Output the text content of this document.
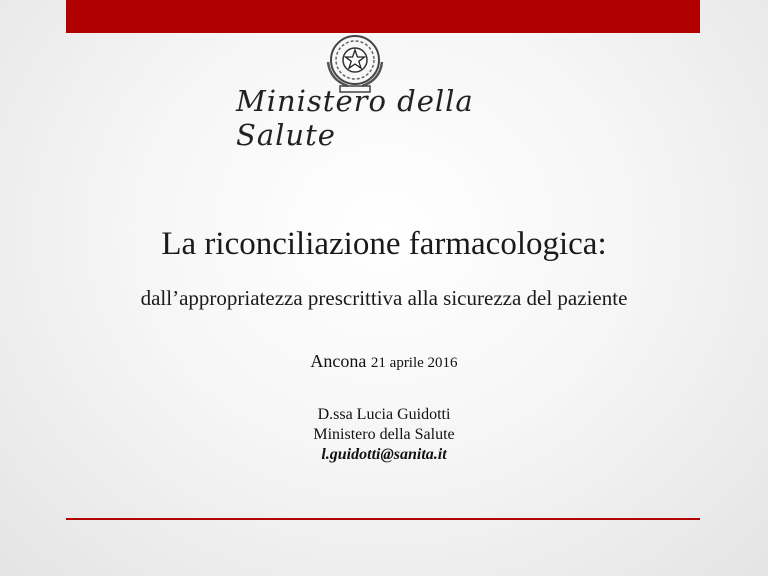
Ministero della Salute
La riconciliazione farmacologica:
dall’appropriatezza prescrittiva alla sicurezza del paziente
Ancona 21 aprile 2016
D.ssa Lucia Guidotti
Ministero della Salute
l.guidotti@sanita.it
